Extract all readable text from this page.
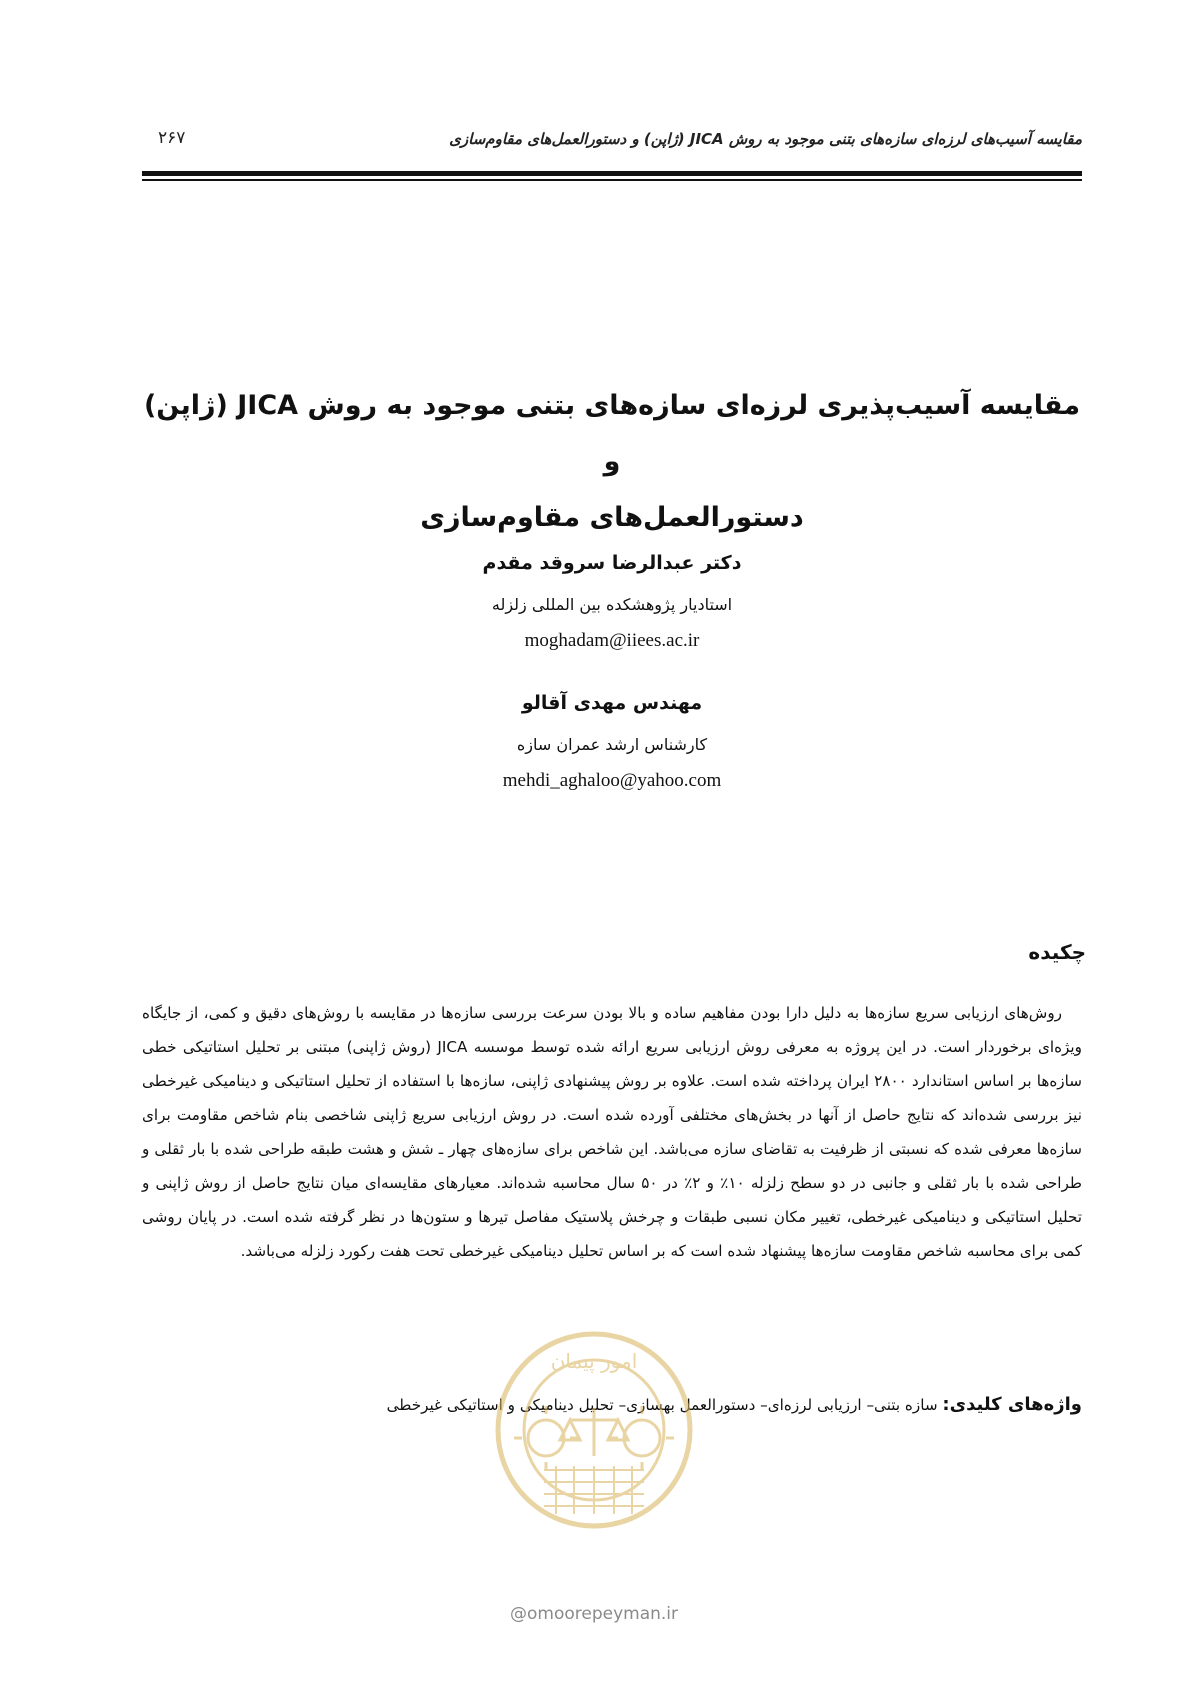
مقایسه آسیب‌های لرزه‌ای سازه‌های بتنی موجود به روش JICA (ژاپن) و دستورالعمل‌های مقاوم‌سازی
۲۶۷
مقایسه آسیب‌پذیری لرزه‌ای سازه‌های بتنی موجود به روش JICA (ژاپن) و
دستورالعمل‌های مقاوم‌سازی

دکتر عبدالرضا سروقد مقدم

استادیار پژوهشکده بین المللی زلزله

moghadam@iiees.ac.ir

مهندس مهدی آقالو

کارشناس ارشد عمران سازه

mehdi_aghaloo@yahoo.com

چکیده

روش‌های ارزیابی سریع سازه‌ها به دلیل دارا بودن مفاهیم ساده و بالا بودن سرعت بررسی سازه‌ها در مقایسه با روش‌های دقیق و کمی، از جایگاه ویژه‌ای برخوردار است. در این پروژه به معرفی روش ارزیابی سریع ارائه شده توسط موسسه JICA (روش ژاپنی) مبتنی بر تحلیل استاتیکی خطی سازه‌ها بر اساس استاندارد ۲۸۰۰ ایران پرداخته شده است. علاوه بر روش پیشنهادی ژاپنی، سازه‌ها با استفاده از تحلیل استاتیکی و دینامیکی غیرخطی نیز بررسی شده‌اند که نتایج حاصل از آنها در بخش‌های مختلفی آورده شده است. در روش ارزیابی سریع ژاپنی شاخصی بنام شاخص مقاومت برای سازه‌ها معرفی شده که نسبتی از ظرفیت به تقاضای سازه می‌باشد. این شاخص برای سازه‌های چهار ـ شش و هشت طبقه طراحی شده با بار ثقلی و طراحی شده با بار ثقلی و جانبی در دو سطح زلزله ۱۰٪ و ۲٪ در ۵۰ سال محاسبه شده‌اند. معیارهای مقایسه‌ای میان نتایج حاصل از روش ژاپنی و تحلیل استاتیکی و دینامیکی غیرخطی، تغییر مکان نسبی طبقات و چرخش پلاستیک مفاصل تیرها و ستون‌ها در نظر گرفته شده است. در پایان روشی کمی برای محاسبه شاخص مقاومت سازه‌ها پیشنهاد شده است که بر اساس تحلیل دینامیکی غیرخطی تحت هفت رکورد زلزله می‌باشد.

واژه‌های کلیدی: سازه بتنی– ارزیابی لرزه‌ای– دستورالعمل بهسازی– تحلیل دینامیکی و استاتیکی غیرخطی
امور پیمان
@omoorepeyman.ir
